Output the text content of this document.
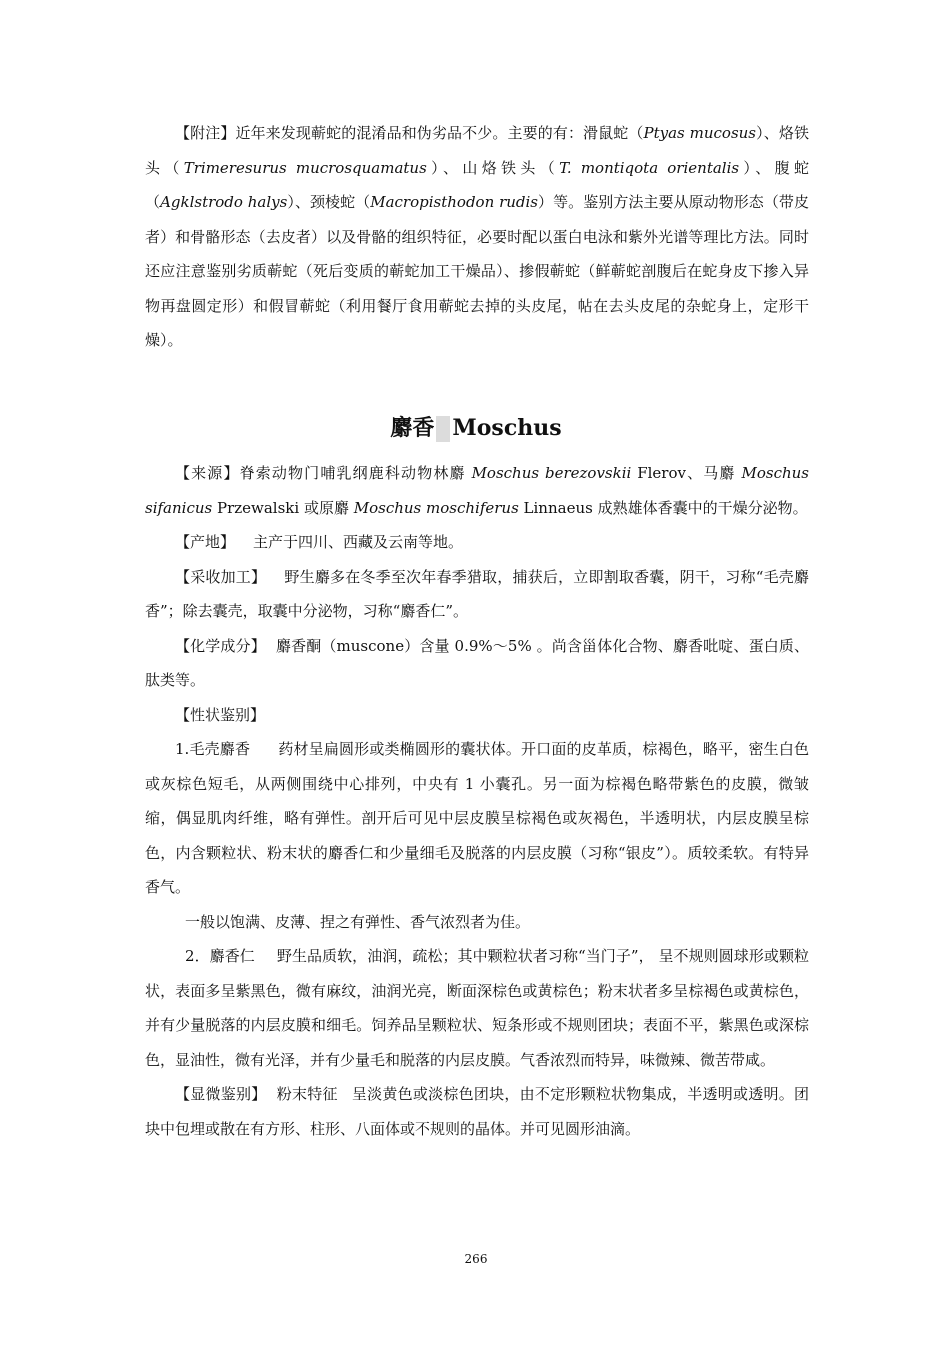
【附注】近年来发现蕲蛇的混淆品和伪劣品不少。主要的有：滑鼠蛇（Ptyas mucosus）、烙铁头（Trimeresurus mucrosquamatus）、山烙铁头（T. montiqota orientalis）、腹蛇（Agklstrodo halys）、颈棱蛇（Macropisthodon rudis）等。鉴别方法主要从原动物形态（带皮者）和骨骼形态（去皮者）以及骨骼的组织特征，必要时配以蛋白电泳和紫外光谱等理比方法。同时还应注意鉴别劣质蕲蛇（死后变质的蕲蛇加工干燥品）、掺假蕲蛇（鲜蕲蛇剖腹后在蛇身皮下掺入异物再盘圆定形）和假冒蕲蛇（利用餐厅食用蕲蛇去掉的头皮尾，帖在去头皮尾的杂蛇身上，定形干燥）。

麝香 Moschus

【来源】脊索动物门哺乳纲鹿科动物林麝 Moschus berezovskii Flerov、马麝 Moschus sifanicus Przewalski 或原麝 Moschus moschiferus Linnaeus 成熟雄体香囊中的干燥分泌物。

【产地】 主产于四川、西藏及云南等地。

【采收加工】 野生麝多在冬季至次年春季猎取，捕获后，立即割取香囊，阴干，习称“毛壳麝香”；除去囊壳，取囊中分泌物，习称“麝香仁”。

【化学成分】 麝香酮（muscone）含量 0.9%～5% 。尚含甾体化合物、麝香吡啶、蛋白质、肽类等。

【性状鉴别】

1.毛壳麝香 药材呈扁圆形或类椭圆形的囊状体。开口面的皮革质，棕褐色，略平，密生白色或灰棕色短毛，从两侧围绕中心排列，中央有 1 小囊孔。另一面为棕褐色略带紫色的皮膜，微皱缩，偶显肌肉纤维，略有弹性。剖开后可见中层皮膜呈棕褐色或灰褐色，半透明状，内层皮膜呈棕色，内含颗粒状、粉末状的麝香仁和少量细毛及脱落的内层皮膜（习称“银皮”）。质较柔软。有特异香气。

一般以饱满、皮薄、捏之有弹性、香气浓烈者为佳。

2．麝香仁 野生品质软，油润，疏松；其中颗粒状者习称“当门子”， 呈不规则圆球形或颗粒状，表面多呈紫黑色，微有麻纹，油润光亮，断面深棕色或黄棕色；粉末状者多呈棕褐色或黄棕色，并有少量脱落的内层皮膜和细毛。饲养品呈颗粒状、短条形或不规则团块；表面不平，紫黑色或深棕色，显油性，微有光泽，并有少量毛和脱落的内层皮膜。气香浓烈而特异，味微辣、微苦带咸。

【显微鉴别】 粉末特征 呈淡黄色或淡棕色团块，由不定形颗粒状物集成，半透明或透明。团块中包埋或散在有方形、柱形、八面体或不规则的晶体。并可见圆形油滴。

266
